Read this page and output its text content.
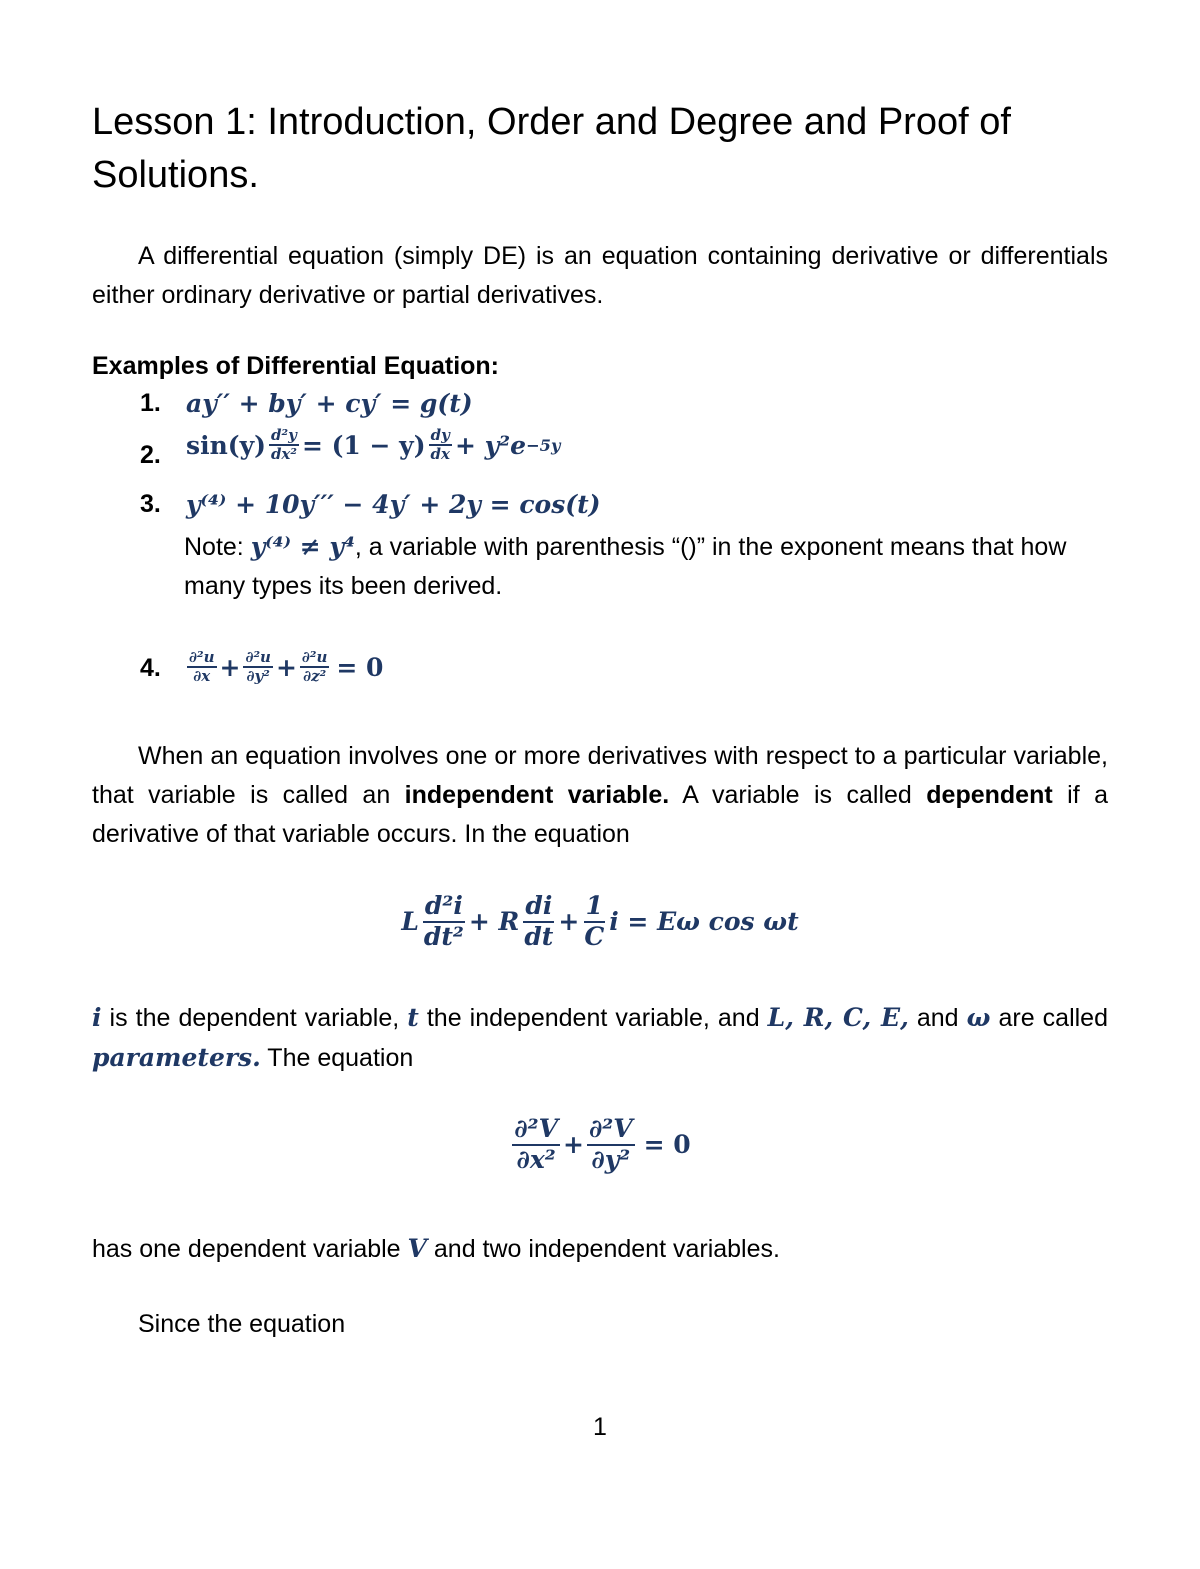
Lesson 1: Introduction, Order and Degree and Proof of Solutions.
A differential equation (simply DE) is an equation containing derivative or differentials either ordinary derivative or partial derivatives.
Examples of Differential Equation:
1. ay′′ + by′ + cy′ = g(t)
2. $\sin(y) \frac{\text{d²y}}{\text{dx²}} = (1 - y) \frac{dy}{dx} + y^2e -5y$
3. y⁽⁴⁾ + 10y′′′ − 4y′ + 2y = cos(t)
Note: y⁽⁴⁾ ≠ y⁴, a variable with parenthesis “()” in the exponent means that how many types its been derived.
4. $\frac{\text{∂²u}}{\partial x} + \frac{\text{∂²u}}{\text{∂y²}} + \frac{\text{∂²u}}{\text{∂z²}} = 0$
When an equation involves one or more derivatives with respect to a particular variable, that variable is called an independent variable. A variable is called dependent if a derivative of that variable occurs. In the equation
L $\frac{\text{d²i}}{\text{dt²}} + R \frac{di}{dt} + \frac{1}{C}$ i = Eω cos ωt
i is the dependent variable, t the independent variable, and L, R, C, E, and ω are called parameters. The equation
$\frac{\text{∂²V}}{\text{∂x²}} + \frac{\text{∂²V}}{\text{∂y²}} = 0$
has one dependent variable V and two independent variables.
Since the equation
1
